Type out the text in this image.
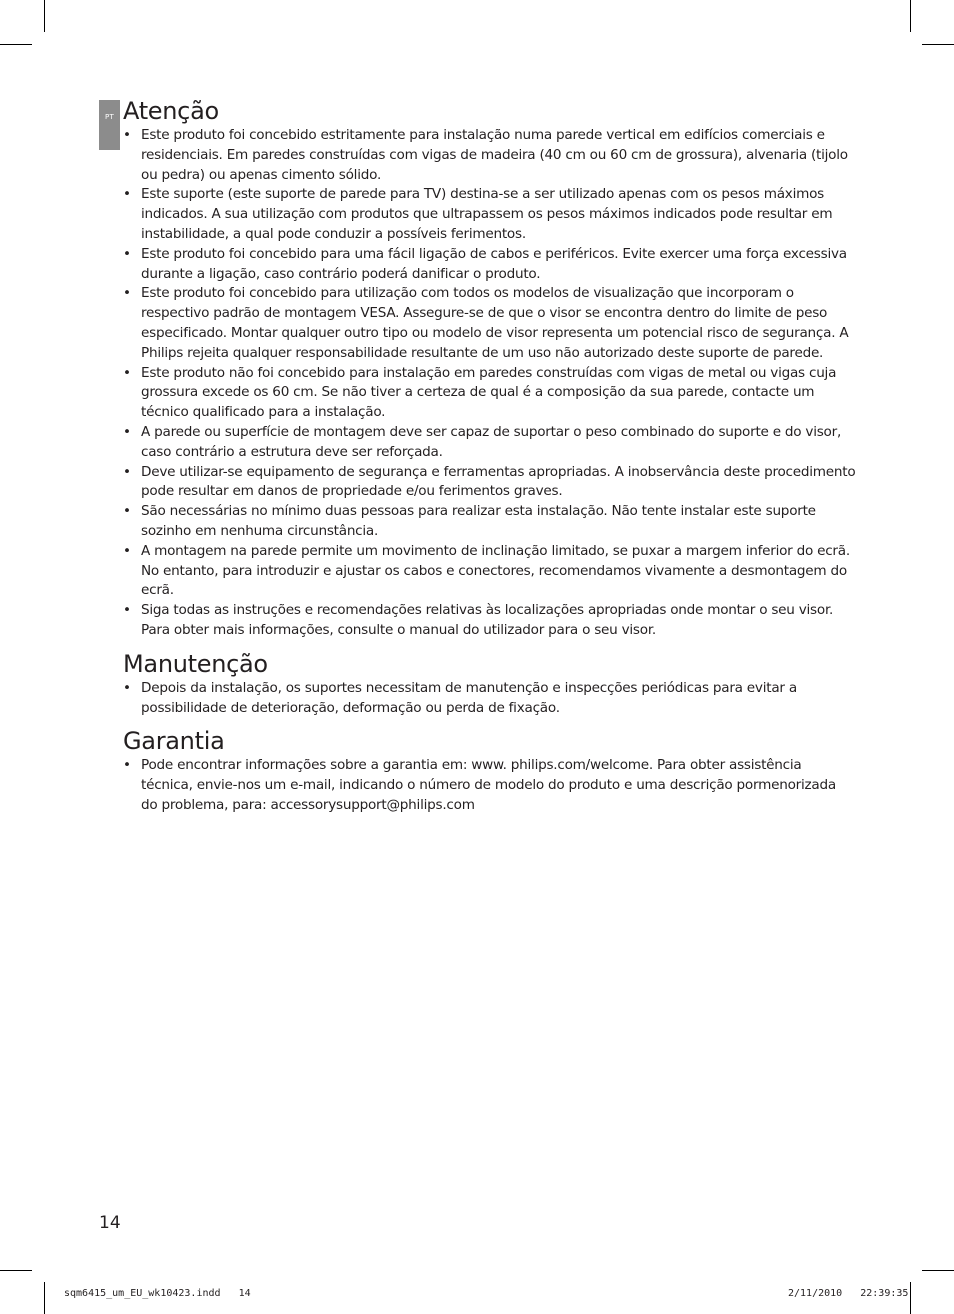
PT Atenção
• Este produto foi concebido estritamente para instalação numa parede vertical em edifícios comerciais e residenciais. Em paredes construídas com vigas de madeira (40 cm ou 60 cm de grossura), alvenaria (tijolo ou pedra) ou apenas cimento sólido.
• Este suporte (este suporte de parede para TV) destina-se a ser utilizado apenas com os pesos máximos indicados. A sua utilização com produtos que ultrapassem os pesos máximos indicados pode resultar em instabilidade, a qual pode conduzir a possíveis ferimentos.
• Este produto foi concebido para uma fácil ligação de cabos e periféricos. Evite exercer uma força excessiva durante a ligação, caso contrário poderá danificar o produto.
• Este produto foi concebido para utilização com todos os modelos de visualização que incorporam o respectivo padrão de montagem VESA. Assegure-se de que o visor se encontra dentro do limite de peso especificado. Montar qualquer outro tipo ou modelo de visor representa um potencial risco de segurança. A Philips rejeita qualquer responsabilidade resultante de um uso não autorizado deste suporte de parede.
• Este produto não foi concebido para instalação em paredes construídas com vigas de metal ou vigas cuja grossura excede os 60 cm. Se não tiver a certeza de qual é a composição da sua parede, contacte um técnico qualificado para a instalação.
• A parede ou superfície de montagem deve ser capaz de suportar o peso combinado do suporte e do visor, caso contrário a estrutura deve ser reforçada.
• Deve utilizar-se equipamento de segurança e ferramentas apropriadas. A inobservância deste procedimento pode resultar em danos de propriedade e/ou ferimentos graves.
• São necessárias no mínimo duas pessoas para realizar esta instalação. Não tente instalar este suporte sozinho em nenhuma circunstância.
• A montagem na parede permite um movimento de inclinação limitado, se puxar a margem inferior do ecrã. No entanto, para introduzir e ajustar os cabos e conectores, recomendamos vivamente a desmontagem do ecrã.
• Siga todas as instruções e recomendações relativas às localizações apropriadas onde montar o seu visor. Para obter mais informações, consulte o manual do utilizador para o seu visor.
Manutenção
• Depois da instalação, os suportes necessitam de manutenção e inspecções periódicas para evitar a possibilidade de deterioração, deformação ou perda de fixação.
Garantia
• Pode encontrar informações sobre a garantia em: www. philips.com/welcome. Para obter assistência técnica, envie-nos um e-mail, indicando o número de modelo do produto e uma descrição pormenorizada do problema, para: accessorysupport@philips.com
14
sqm6415_um_EU_wk10423.indd   14	2/11/2010   22:39:35
